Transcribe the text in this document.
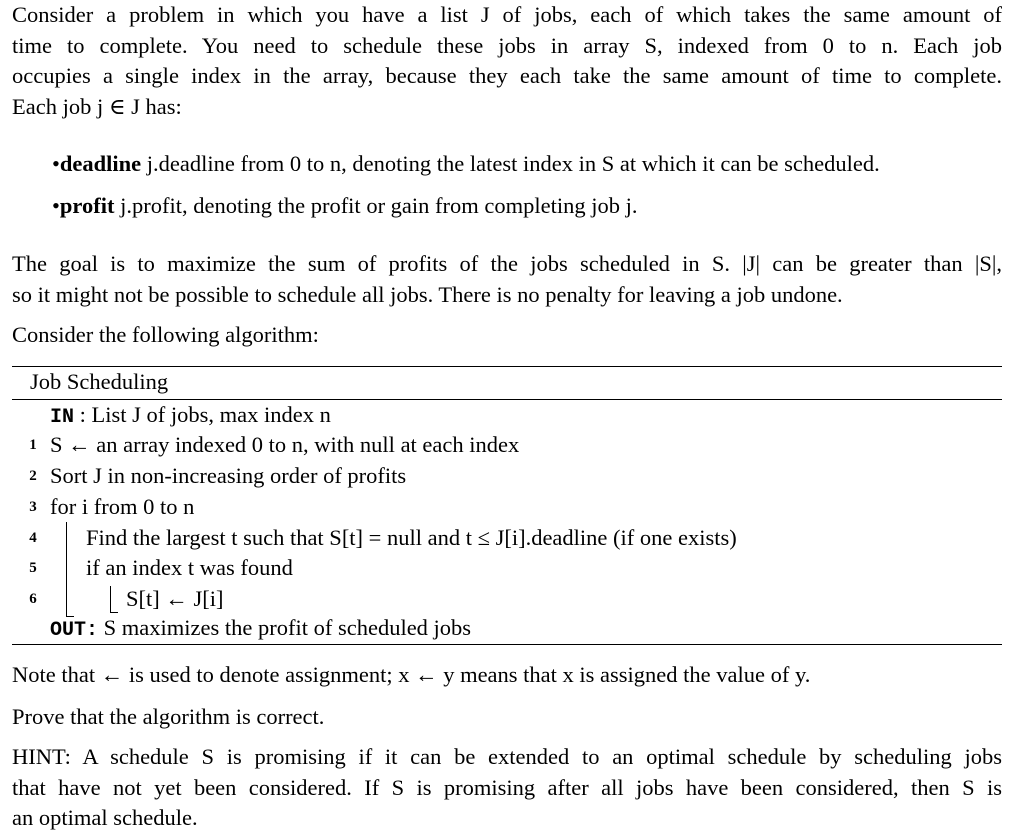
Consider a problem in which you have a list J of jobs, each of which takes the same amount of
time to complete. You need to schedule these jobs in array S, indexed from 0 to n. Each job
occupies a single index in the array, because they each take the same amount of time to complete.
Each job j ∈ J has:
•deadline j.deadline from 0 to n, denoting the latest index in S at which it can be scheduled.
•profit j.profit, denoting the profit or gain from completing job j.
The goal is to maximize the sum of profits of the jobs scheduled in S. |J| can be greater than |S|,
so it might not be possible to schedule all jobs. There is no penalty for leaving a job undone.
Consider the following algorithm:
Job Scheduling
IN : List J of jobs, max index n
1 S ← an array indexed 0 to n, with null at each index
2 Sort J in non-increasing order of profits
3 for i from 0 to n
4 Find the largest t such that S[t] = null and t ≤ J[i].deadline (if one exists)
5 if an index t was found
6	S[t] ← J[i]
OUT: S maximizes the profit of scheduled jobs
Note that ← is used to denote assignment; x ← y means that x is assigned the value of y.
Prove that the algorithm is correct.
HINT: A schedule S is promising if it can be extended to an optimal schedule by scheduling jobs
that have not yet been considered. If S is promising after all jobs have been considered, then S is
an optimal schedule.
